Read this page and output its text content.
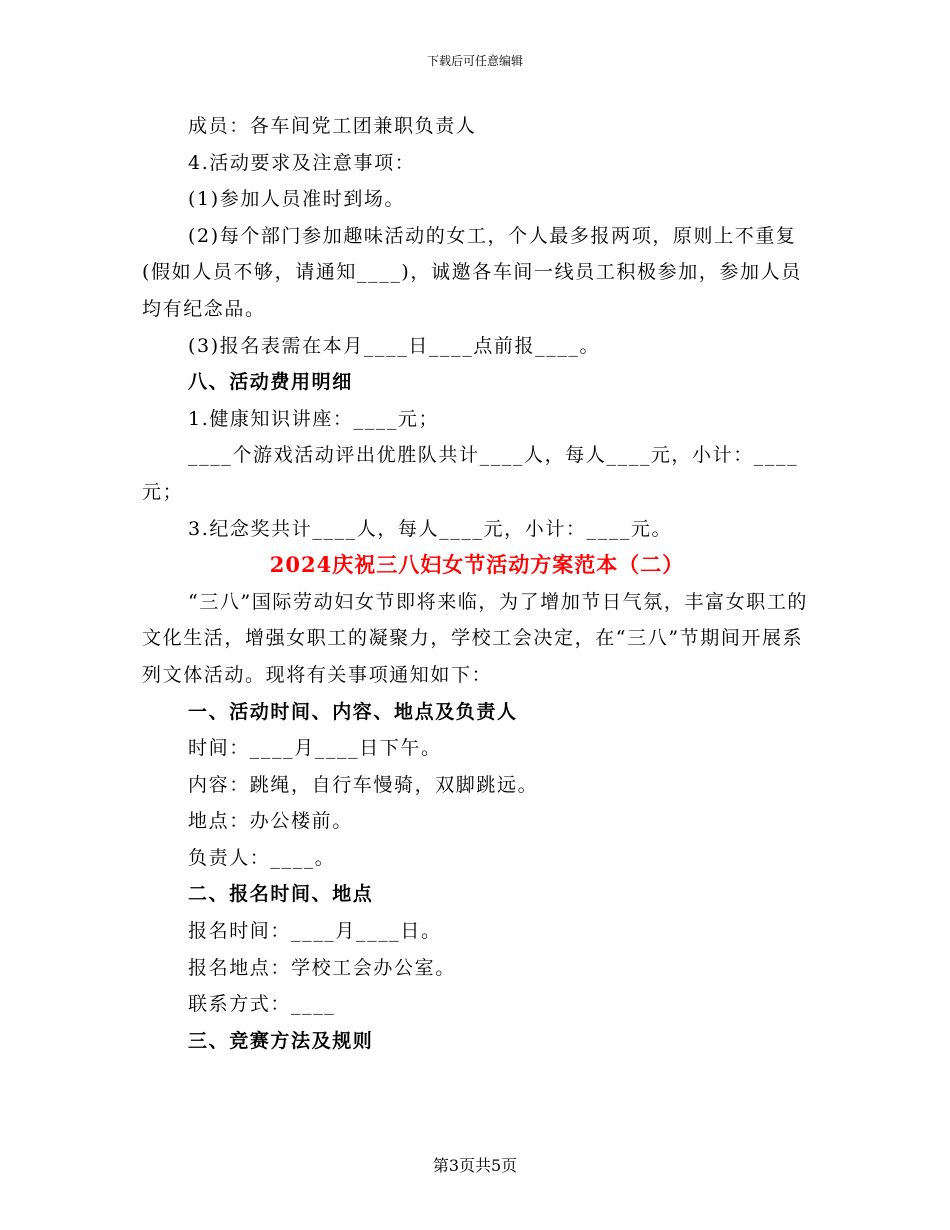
下载后可任意编辑

成员：各车间党工团兼职负责人

4.活动要求及注意事项：

(1)参加人员准时到场。

(2)每个部门参加趣味活动的女工，个人最多报两项，原则上不重复(假如人员不够，请通知____)，诚邀各车间一线员工积极参加，参加人员均有纪念品。

(3)报名表需在本月____日____点前报____。

八、活动费用明细

1.健康知识讲座：____元；

____个游戏活动评出优胜队共计____人，每人____元，小计：____元；

3.纪念奖共计____人，每人____元，小计：____元。

2024庆祝三八妇女节活动方案范本（二）

“三八”国际劳动妇女节即将来临，为了增加节日气氛，丰富女职工的文化生活，增强女职工的凝聚力，学校工会决定，在“三八”节期间开展系列文体活动。现将有关事项通知如下：

一、活动时间、内容、地点及负责人

时间：____月____日下午。

内容：跳绳，自行车慢骑，双脚跳远。

地点：办公楼前。

负责人：____。

二、报名时间、地点

报名时间：____月____日。

报名地点：学校工会办公室。

联系方式：____

三、竞赛方法及规则

第3页共5页
